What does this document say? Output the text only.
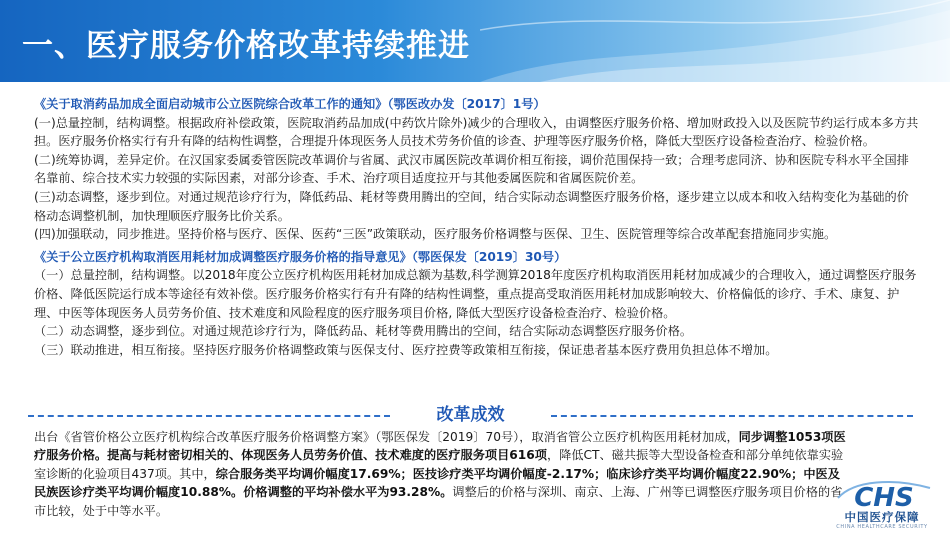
一、医疗服务价格改革持续推进
《关于取消药品加成全面启动城市公立医院综合改革工作的通知》（鄂医改办发〔2017〕1号）

(一)总量控制，结构调整。根据政府补偿政策，医院取消药品加成(中药饮片除外)减少的合理收入，由调整医疗服务价格、增加财政投入以及医院节约运行成本多方共担。医疗服务价格实行有升有降的结构性调整，合理提升体现医务人员技术劳务价值的诊查、护理等医疗服务价格，降低大型医疗设备检查治疗、检验价格。

(二)统筹协调，差异定价。在汉国家委属委管医院改革调价与省属、武汉市属医院改革调价相互衔接，调价范围保持一致；合理考虑同济、协和医院专科水平全国排名靠前、综合技术实力较强的实际因素，对部分诊查、手术、治疗项目适度拉开与其他委属医院和省属医院价差。

(三)动态调整，逐步到位。对通过规范诊疗行为，降低药品、耗材等费用腾出的空间，结合实际动态调整医疗服务价格，逐步建立以成本和收入结构变化为基础的价格动态调整机制，加快理顺医疗服务比价关系。

(四)加强联动，同步推进。坚持价格与医疗、医保、医药“三医”政策联动，医疗服务价格调整与医保、卫生、医院管理等综合改革配套措施同步实施。

《关于公立医疗机构取消医用耗材加成调整医疗服务价格的指导意见》（鄂医保发〔2019〕30号）

（一）总量控制，结构调整。以2018年度公立医疗机构医用耗材加成总额为基数,科学测算2018年度医疗机构取消医用耗材加成减少的合理收入，通过调整医疗服务价格、降低医院运行成本等途径有效补偿。医疗服务价格实行有升有降的结构性调整，重点提高受取消医用耗材加成影响较大、价格偏低的诊疗、手术、康复、护理、中医等体现医务人员劳务价值、技术难度和风险程度的医疗服务项目价格, 降低大型医疗设备检查治疗、检验价格。

（二）动态调整，逐步到位。对通过规范诊疗行为，降低药品、耗材等费用腾出的空间，结合实际动态调整医疗服务价格。

（三）联动推进，相互衔接。坚持医疗服务价格调整政策与医保支付、医疗控费等政策相互衔接，保证患者基本医疗费用负担总体不增加。

改革成效
出台《省管价格公立医疗机构综合改革医疗服务价格调整方案》（鄂医保发〔2019〕70号），取消省管公立医疗机构医用耗材加成，同步调整1053项医疗服务价格。提高与耗材密切相关的、体现医务人员劳务价值、技术难度的医疗服务项目616项，降低CT、磁共振等大型设备检查和部分单纯依靠实验室诊断的化验项目437项。其中，综合服务类平均调价幅度17.69%；医技诊疗类平均调价幅度-2.17%；临床诊疗类平均调价幅度22.90%；中医及民族医诊疗类平均调价幅度10.88%。价格调整的平均补偿水平为93.28%。调整后的价格与深圳、南京、上海、广州等已调整医疗服务项目价格的省市比较，处于中等水平。	CHS
中国医疗保障
CHINA HEALTHCARE SECURITY
